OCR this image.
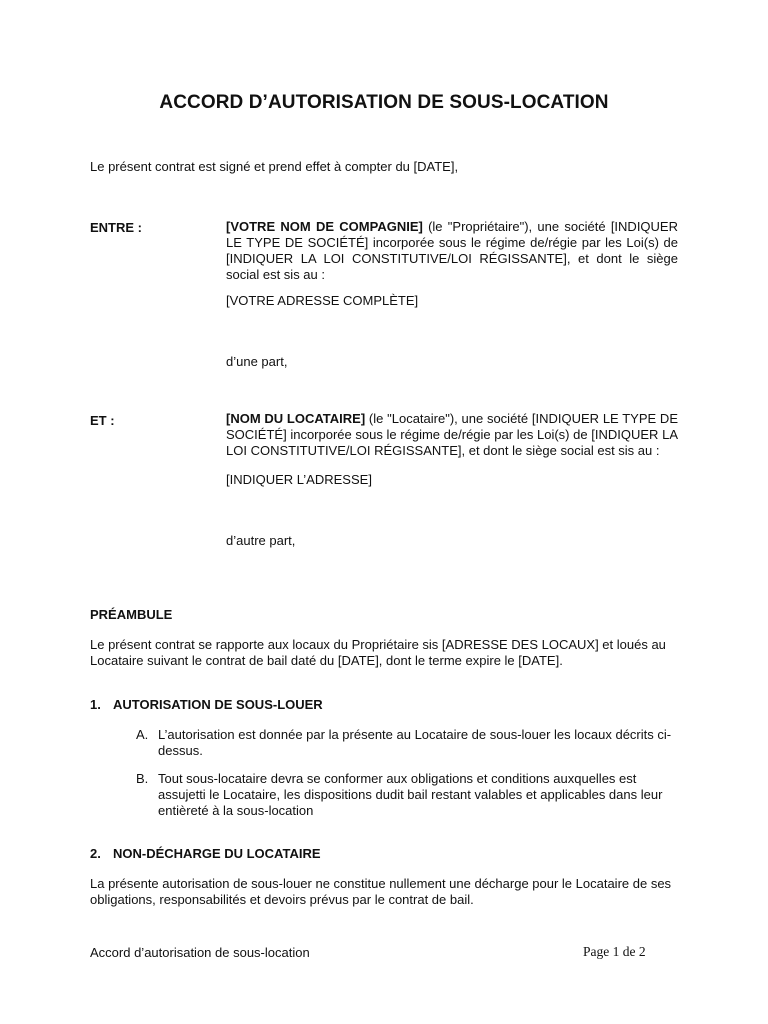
ACCORD D’AUTORISATION DE SOUS-LOCATION
Le présent contrat est signé et prend effet à compter du [DATE],
ENTRE :	[VOTRE NOM DE COMPAGNIE] (le "Propriétaire"), une société [INDIQUER LE TYPE DE SOCIÉTÉ] incorporée sous le régime de/régie par les Loi(s) de [INDIQUER LA LOI CONSTITUTIVE/LOI RÉGISSANTE], et dont le siège social est sis au :
[VOTRE ADRESSE COMPLÈTE]
d’une part,
ET :	[NOM DU LOCATAIRE] (le "Locataire"), une société [INDIQUER LE TYPE DE SOCIÉTÉ] incorporée sous le régime de/régie par les Loi(s) de [INDIQUER LA LOI CONSTITUTIVE/LOI RÉGISSANTE], et dont le siège social est sis au :
[INDIQUER L’ADRESSE]
d’autre part,
PRÉAMBULE
Le présent contrat se rapporte aux locaux du Propriétaire sis [ADRESSE DES LOCAUX] et loués au Locataire suivant le contrat de bail daté du [DATE], dont le terme expire le [DATE].
1. AUTORISATION DE SOUS-LOUER
A. L’autorisation est donnée par la présente au Locataire de sous-louer les locaux décrits ci-dessus.
B. Tout sous-locataire devra se conformer aux obligations et conditions auxquelles est assujetti le Locataire, les dispositions dudit bail restant valables et applicables dans leur entièreté à la sous-location
2. NON-DÉCHARGE DU LOCATAIRE
La présente autorisation de sous-louer ne constitue nullement une décharge pour le Locataire de ses obligations, responsabilités et devoirs prévus par le contrat de bail.
Accord d’autorisation de sous-location	Page 1 de 2
